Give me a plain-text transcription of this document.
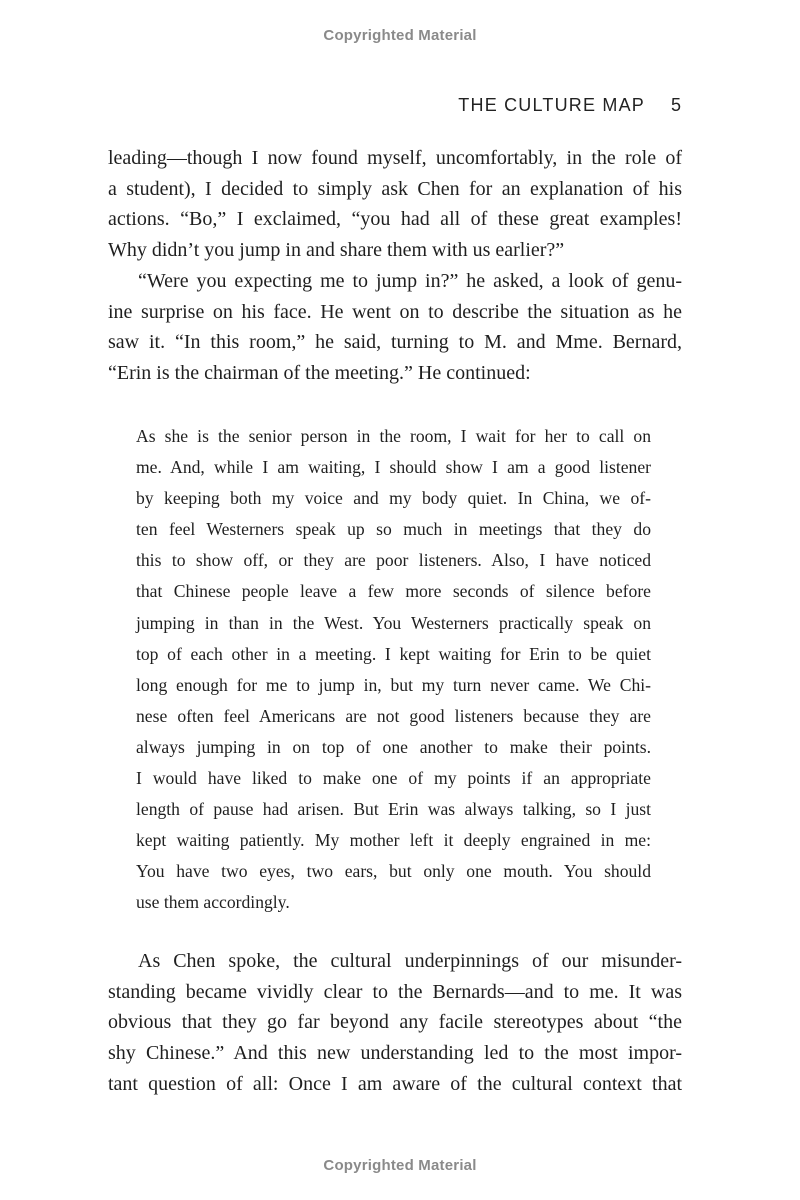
Copyrighted Material
THE CULTURE MAP 5
leading—though I now found myself, uncomfortably, in the role of
a student), I decided to simply ask Chen for an explanation of his
actions. “Bo,” I exclaimed, “you had all of these great examples!
Why didn’t you jump in and share them with us earlier?”
“Were you expecting me to jump in?” he asked, a look of genu-
ine surprise on his face. He went on to describe the situation as he
saw it. “In this room,” he said, turning to M. and Mme. Bernard,
“Erin is the chairman of the meeting.” He continued:
As she is the senior person in the room, I wait for her to call on
me. And, while I am waiting, I should show I am a good listener
by keeping both my voice and my body quiet. In China, we of-
ten feel Westerners speak up so much in meetings that they do
this to show off, or they are poor listeners. Also, I have noticed
that Chinese people leave a few more seconds of silence before
jumping in than in the West. You Westerners practically speak on
top of each other in a meeting. I kept waiting for Erin to be quiet
long enough for me to jump in, but my turn never came. We Chi-
nese often feel Americans are not good listeners because they are
always jumping in on top of one another to make their points.
I would have liked to make one of my points if an appropriate
length of pause had arisen. But Erin was always talking, so I just
kept waiting patiently. My mother left it deeply engrained in me:
You have two eyes, two ears, but only one mouth. You should
use them accordingly.
As Chen spoke, the cultural underpinnings of our misunder-
standing became vividly clear to the Bernards—and to me. It was
obvious that they go far beyond any facile stereotypes about “the
shy Chinese.” And this new understanding led to the most impor-
tant question of all: Once I am aware of the cultural context that
Copyrighted Material
